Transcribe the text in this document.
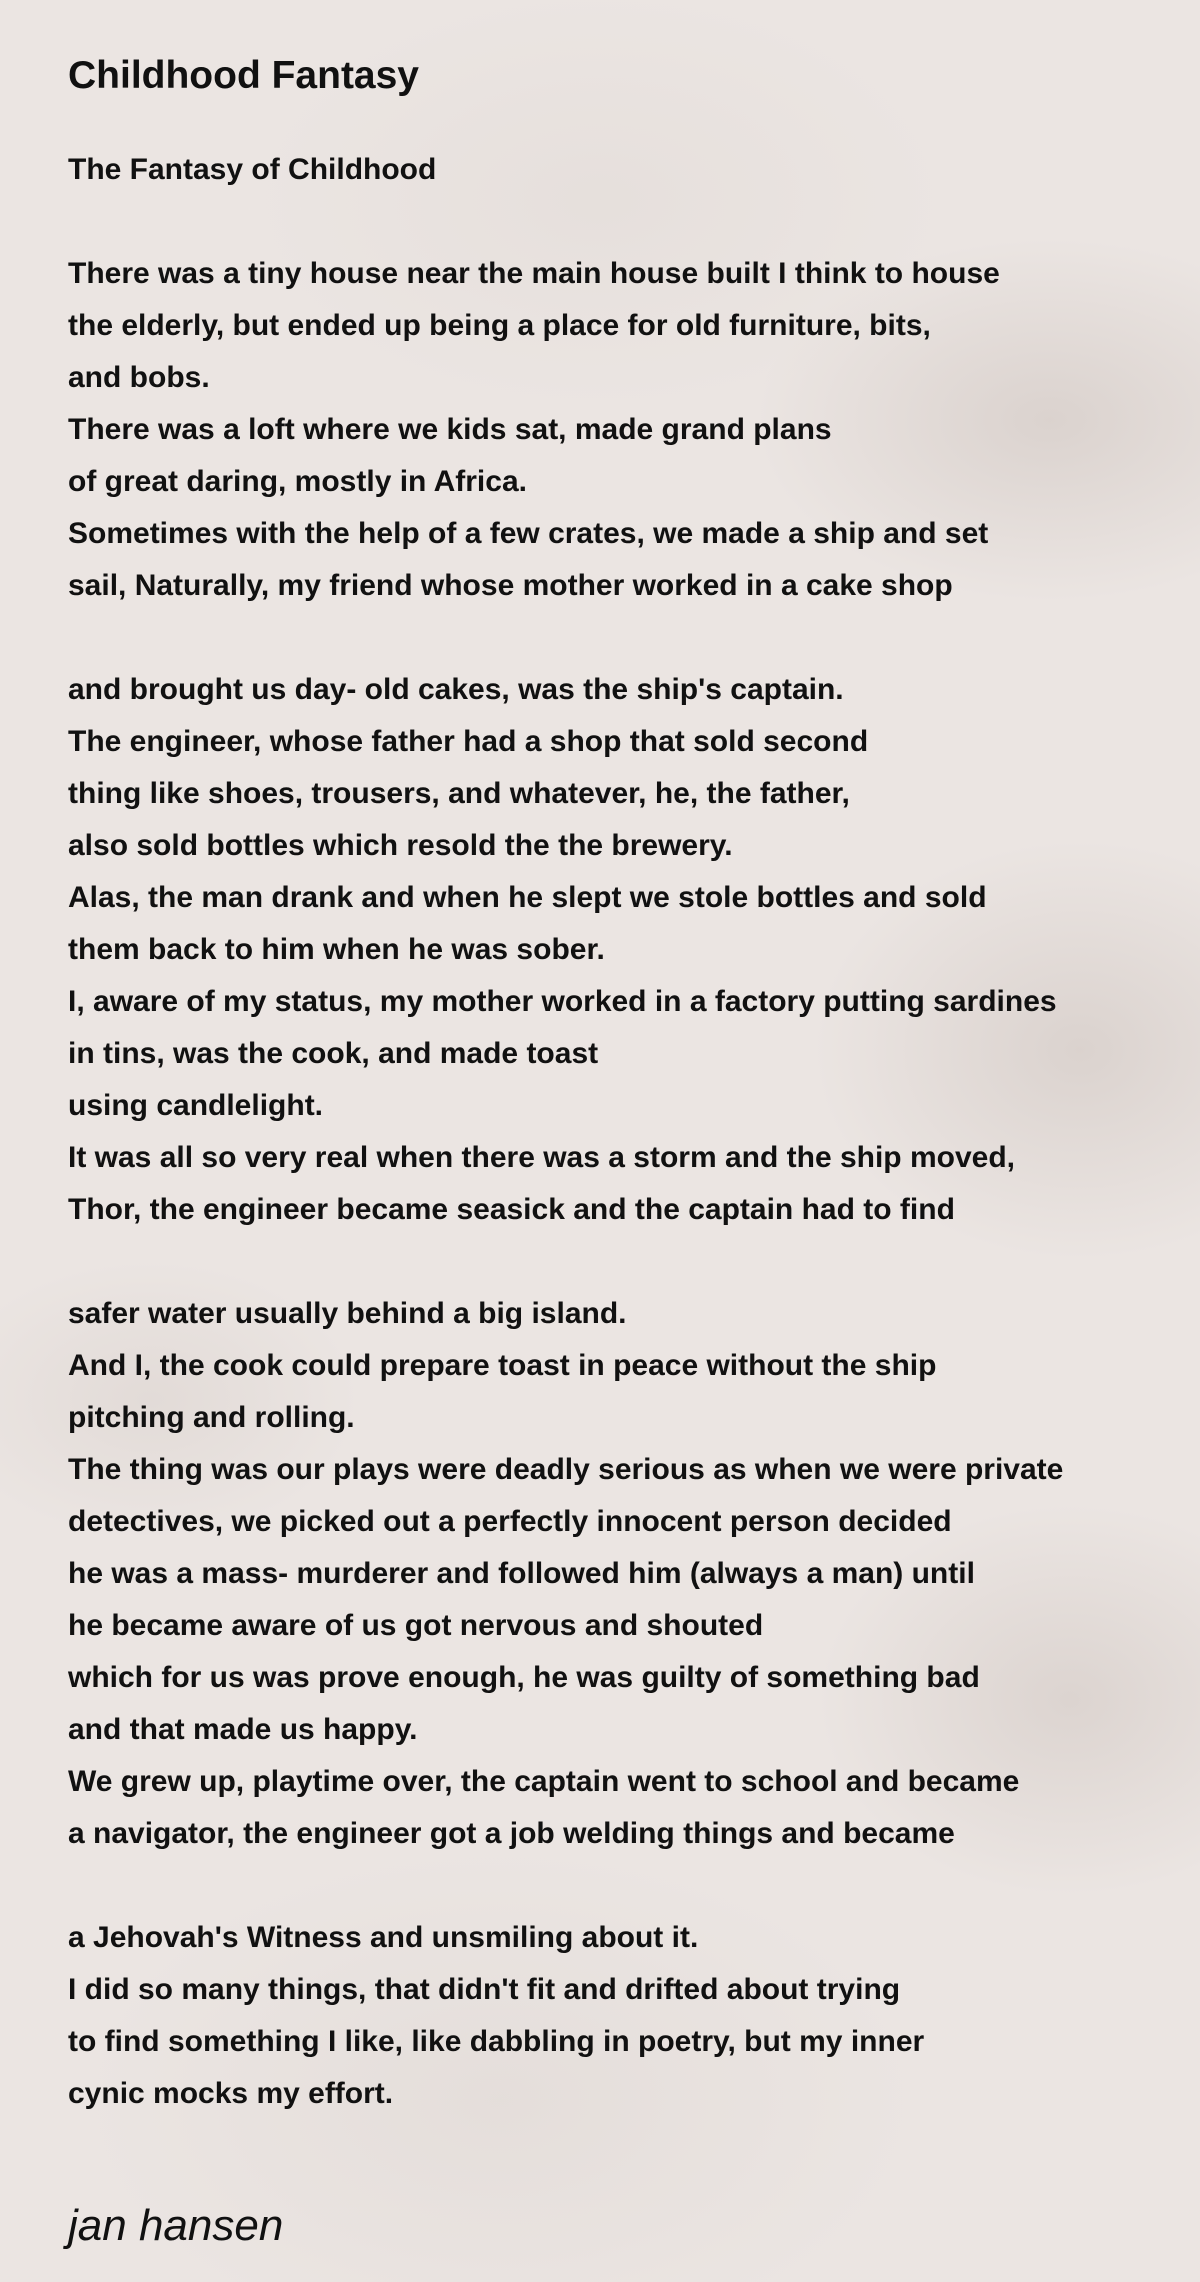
Childhood Fantasy
The Fantasy of Childhood
There was a tiny house near the main house built I think to house
the elderly, but ended up being a place for old furniture, bits,
and bobs.
There was a loft where we kids sat, made grand plans
of great daring, mostly in Africa.
Sometimes with the help of a few crates, we made a ship and set
sail, Naturally, my friend whose mother worked in a cake shop
and brought us day- old cakes, was the ship's captain.
The engineer, whose father had a shop that sold second
thing like shoes, trousers, and whatever, he, the father,
also sold bottles which resold the the brewery.
Alas, the man drank and when he slept we stole bottles and sold
them back to him when he was sober.
I, aware of my status, my mother worked in a factory putting sardines
in tins, was the cook, and made toast
using candlelight.
It was all so very real when there was a storm and the ship moved,
Thor, the engineer became seasick and the captain had to find
safer water usually behind a big island.
And I, the cook could prepare toast in peace without the ship
pitching and rolling.
The thing was our plays were deadly serious as when we were private
detectives, we picked out a perfectly innocent person decided
he was a mass- murderer and followed him (always a man) until
he became aware of us got nervous and shouted
which for us was prove enough, he was guilty of something bad
and that made us happy.
We grew up, playtime over, the captain went to school and became
a navigator, the engineer got a job welding things and became
a Jehovah's Witness and unsmiling about it.
I did so many things, that didn't fit and drifted about trying
to find something I like, like dabbling in poetry, but my inner
cynic mocks my effort.
jan hansen
